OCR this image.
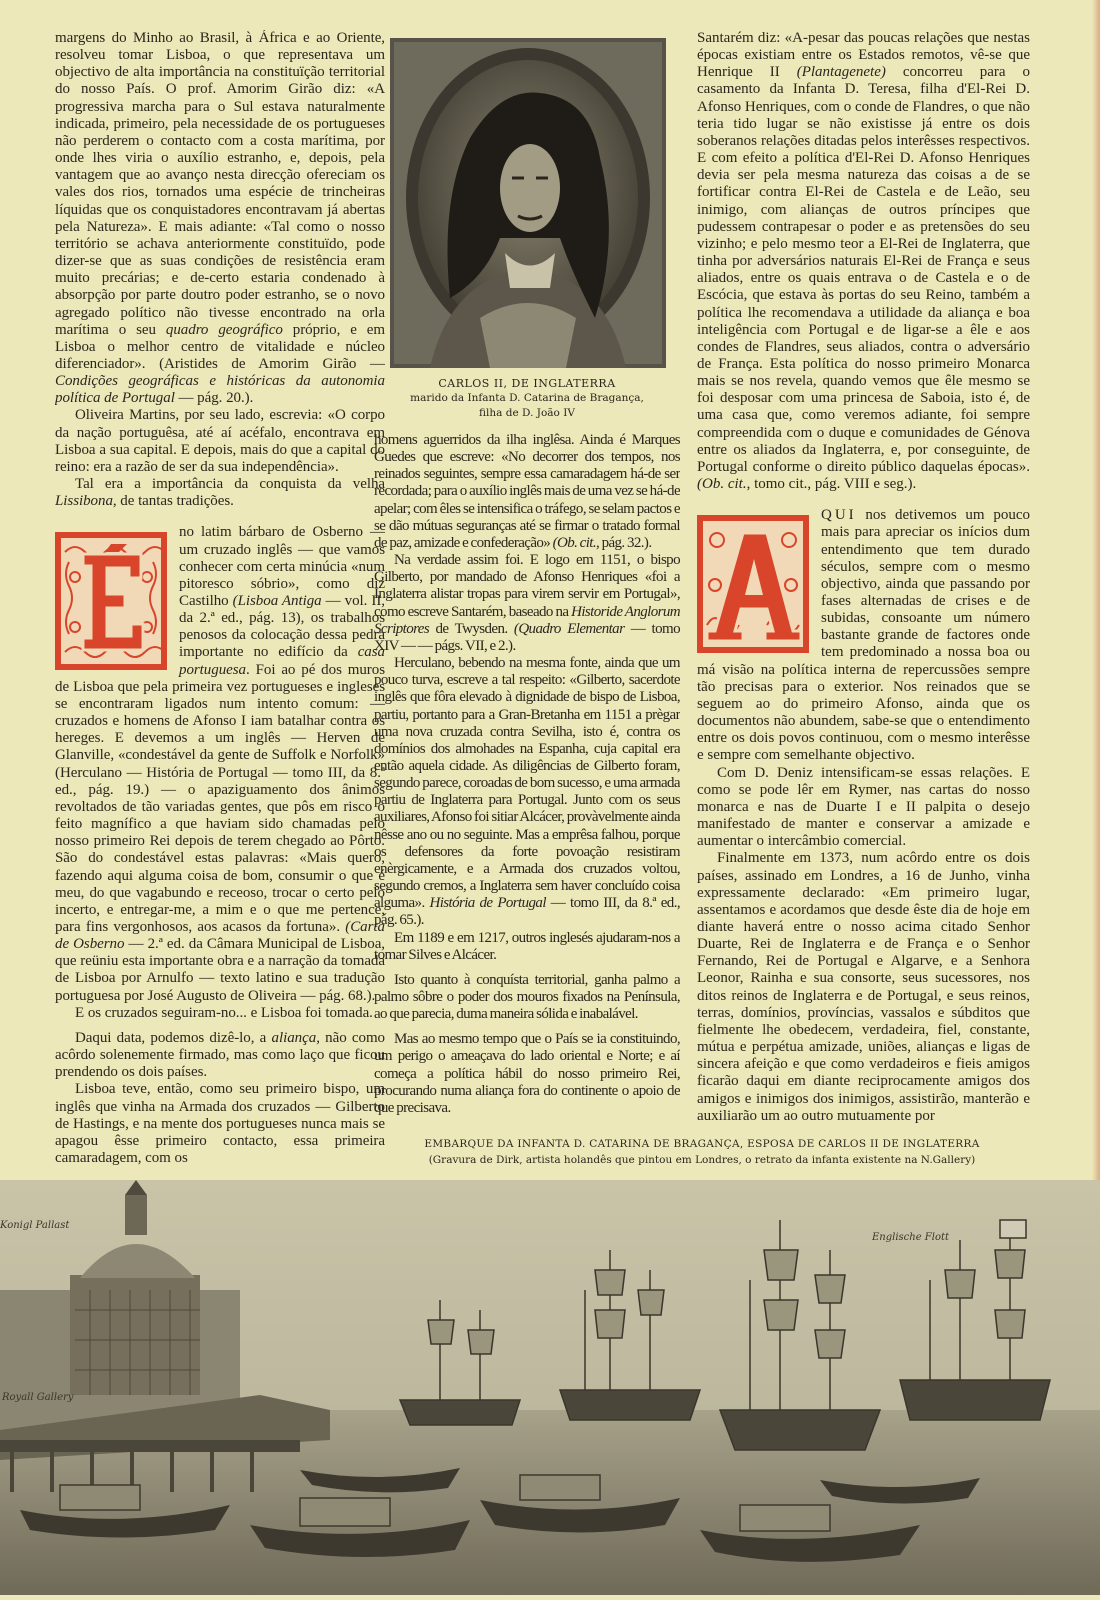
margens do Minho ao Brasil, à África e ao Oriente, resolveu tomar Lisboa, o que representava um objectivo de alta importância na constituïção territorial do nosso País. O prof. Amorim Girão diz: «A progressiva marcha para o Sul estava naturalmente indicada, primeiro, pela necessidade de os portugueses não perderem o contacto com a costa marítima, por onde lhes viria o auxílio estranho, e, depois, pela vantagem que ao avanço nesta direcção ofereciam os vales dos rios, tornados uma espécie de trincheiras líquidas que os conquistadores encontravam já abertas pela Natureza». E mais adiante: «Tal como o nosso território se achava anteriormente constituïdo, pode dizer-se que as suas condições de resistência eram muito precárias; e de-certo estaria condenado à absorpção por parte doutro poder estranho, se o novo agregado político não tivesse encontrado na orla marítima o seu quadro geográfico próprio, e em Lisboa o melhor centro de vitalidade e núcleo diferenciador». (Aristides de Amorim Girão — Condições geográficas e históricas da autonomia política de Portugal — pág. 20.).

Oliveira Martins, por seu lado, escrevia: «O corpo da nação portuguêsa, até aí acéfalo, encontrava em Lisboa a sua capital. E depois, mais do que a capital do reino: era a razão de ser da sua independência».

Tal era a importância da conquista da velha Lissibona, de tantas tradições.

no latim bárbaro de Osberno — um cruzado inglês — que vamos conhecer com certa minúcia «num pitoresco sóbrio», como diz Castilho (Lisboa Antiga — vol. II, da 2.ª ed., pág. 13), os trabalhos penosos da colocação dessa pedra importante no edifício da casa portuguesa. Foi ao pé dos muros de Lisboa que pela primeira vez portugueses e ingleses se encontraram ligados num intento comum: — cruzados e homens de Afonso I iam batalhar contra os hereges. E devemos a um inglês — Herven de Glanville, «condestável da gente de Suffolk e Norfolk» (Herculano — História de Portugal — tomo III, da 8.ª ed., pág. 19.) — o apaziguamento dos ânimos revoltados de tão variadas gentes, que pôs em risco o feito magnífico a que haviam sido chamadas pelo nosso primeiro Rei depois de terem chegado ao Pôrto. São do condestável estas palavras: «Mais quero, fazendo aqui alguma coisa de bom, consumir o que é meu, do que vagabundo e receoso, trocar o certo pelo incerto, e entregar-me, a mim e o que me pertence, para fins vergonhosos, aos acasos da fortuna». (Carta de Osberno — 2.ª ed. da Câmara Municipal de Lisboa, que reüniu esta importante obra e a narração da tomada de Lisboa por Arnulfo — texto latino e sua tradução portuguesa por José Augusto de Oliveira — pág. 68.).

E os cruzados seguiram-no... e Lisboa foi tomada.

Daqui data, podemos dizê-lo, a aliança, não como acôrdo solenemente firmado, mas como laço que ficou prendendo os dois países.

Lisboa teve, então, como seu primeiro bispo, um inglês que vinha na Armada dos cruzados — Gilberto de Hastings, e na mente dos portugueses nunca mais se apagou êsse primeiro contacto, essa primeira camaradagem, com os

CARLOS II, DE INGLATERRA
marido da Infanta D. Catarina de Bragança,
filha de D. João IV

homens aguerridos da ilha inglêsa. Ainda é Marques Guedes que escreve: «No decorrer dos tempos, nos reinados seguintes, sempre essa camaradagem há-de ser recordada; para o auxílio inglês mais de uma vez se há-de apelar; com êles se intensifica o tráfego, se selam pactos e se dão mútuas seguranças até se firmar o tratado formal de paz, amizade e confederação» (Ob. cit., pág. 32.).

Na verdade assim foi. E logo em 1151, o bispo Gilberto, por mandado de Afonso Henriques «foi a Inglaterra alistar tropas para virem servir em Portugal», como escreve Santarém, baseado na Historide Anglorum Scriptores de Twysden. (Quadro Elementar — tomo XIV — — págs. VII, e 2.).

Herculano, bebendo na mesma fonte, ainda que um pouco turva, escreve a tal respeito: «Gilberto, sacerdote inglês que fôra elevado à dignidade de bispo de Lisboa, partiu, portanto para a Gran-Bretanha em 1151 a prègar uma nova cruzada contra Sevilha, isto é, contra os domínios dos almohades na Espanha, cuja capital era então aquela cidade. As diligências de Gilberto foram, segundo parece, coroadas de bom sucesso, e uma armada partiu de Inglaterra para Portugal. Junto com os seus auxiliares, Afonso foi sitiar Alcácer, provàvelmente ainda nêsse ano ou no seguinte. Mas a emprêsa falhou, porque os defensores da forte povoação resistiram enèrgicamente, e a Armada dos cruzados voltou, segundo cremos, a Inglaterra sem haver concluído coisa alguma». História de Portugal — tomo III, da 8.ª ed., pág. 65.).

Em 1189 e em 1217, outros inglesés ajudaram-nos a tomar Silves e Alcácer.

Isto quanto à conquísta territorial, ganha palmo a palmo sôbre o poder dos mouros fixados na Península, ao que parecia, duma maneira sólida e inabalável.

Mas ao mesmo tempo que o País se ia constituindo, um perigo o ameaçava do lado oriental e Norte; e aí começa a política hábil do nosso primeiro Rei, procurando numa aliança fora do continente o apoio de que precisava.

Santarém diz: «A-pesar das poucas relações que nestas épocas existiam entre os Estados remotos, vê-se que Henrique II (Plantagenete) concorreu para o casamento da Infanta D. Teresa, filha d'El-Rei D. Afonso Henriques, com o conde de Flandres, o que não teria tido lugar se não existisse já entre os dois soberanos relações ditadas pelos interêsses respectivos. E com efeito a política d'El-Rei D. Afonso Henriques devia ser pela mesma natureza das coisas a de se fortificar contra El-Rei de Castela e de Leão, seu inimigo, com alianças de outros príncipes que pudessem contrapesar o poder e as pretensões do seu vizinho; e pelo mesmo teor a El-Rei de Inglaterra, que tinha por adversários naturais El-Rei de França e seus aliados, entre os quais entrava o de Castela e o de Escócia, que estava às portas do seu Reino, também a política lhe recomendava a utilidade da aliança e boa inteligência com Portugal e de ligar-se a êle e aos condes de Flandres, seus aliados, contra o adversário de França. Esta política do nosso primeiro Monarca mais se nos revela, quando vemos que êle mesmo se foi desposar com uma princesa de Saboia, isto é, de uma casa que, como veremos adiante, foi sempre compreendida com o duque e comunidades de Génova entre os aliados da Inglaterra, e, por conseguinte, de Portugal conforme o direito público daquelas épocas». (Ob. cit., tomo cit., pág. VIII e seg.).

QUI nos detivemos um pouco mais para apreciar os inícios dum entendimento que tem durado séculos, sempre com o mesmo objectivo, ainda que passando por fases alternadas de crises e de subidas, consoante um número bastante grande de factores onde tem predominado a nossa boa ou má visão na política interna de repercussões sempre tão precisas para o exterior. Nos reinados que se seguem ao do primeiro Afonso, ainda que os documentos não abundem, sabe-se que o entendimento entre os dois povos continuou, com o mesmo interêsse e sempre com semelhante objectivo.

Com D. Deniz intensificam-se essas relações. E como se pode lêr em Rymer, nas cartas do nosso monarca e nas de Duarte I e II palpita o desejo manifestado de manter e conservar a amizade e aumentar o intercâmbio comercial.

Finalmente em 1373, num acôrdo entre os dois países, assinado em Londres, a 16 de Junho, vinha expressamente declarado: «Em primeiro lugar, assentamos e acordamos que desde êste dia de hoje em diante haverá entre o nosso acima citado Senhor Duarte, Rei de Inglaterra e de França e o Senhor Fernando, Rei de Portugal e Algarve, e a Senhora Leonor, Rainha e sua consorte, seus sucessores, nos ditos reinos de Inglaterra e de Portugal, e seus reinos, terras, domínios, províncias, vassalos e súbditos que fielmente lhe obedecem, verdadeira, fiel, constante, mútua e perpétua amizade, uniões, alianças e ligas de sincera afeição e que como verdadeiros e fieis amigos ficarão daqui em diante reciprocamente amigos dos amigos e inimigos dos inimigos, assistirão, manterão e auxiliarão um ao outro mutuamente por

EMBARQUE DA INFANTA D. CATARINA DE BRAGANÇA, ESPOSA DE CARLOS II DE INGLATERRA
(Gravura de Dirk, artista holandês que pintou em Londres, o retrato da infanta existente na N.Gallery)
Konigl Pallast
Englische Flott
Royall Gallery
